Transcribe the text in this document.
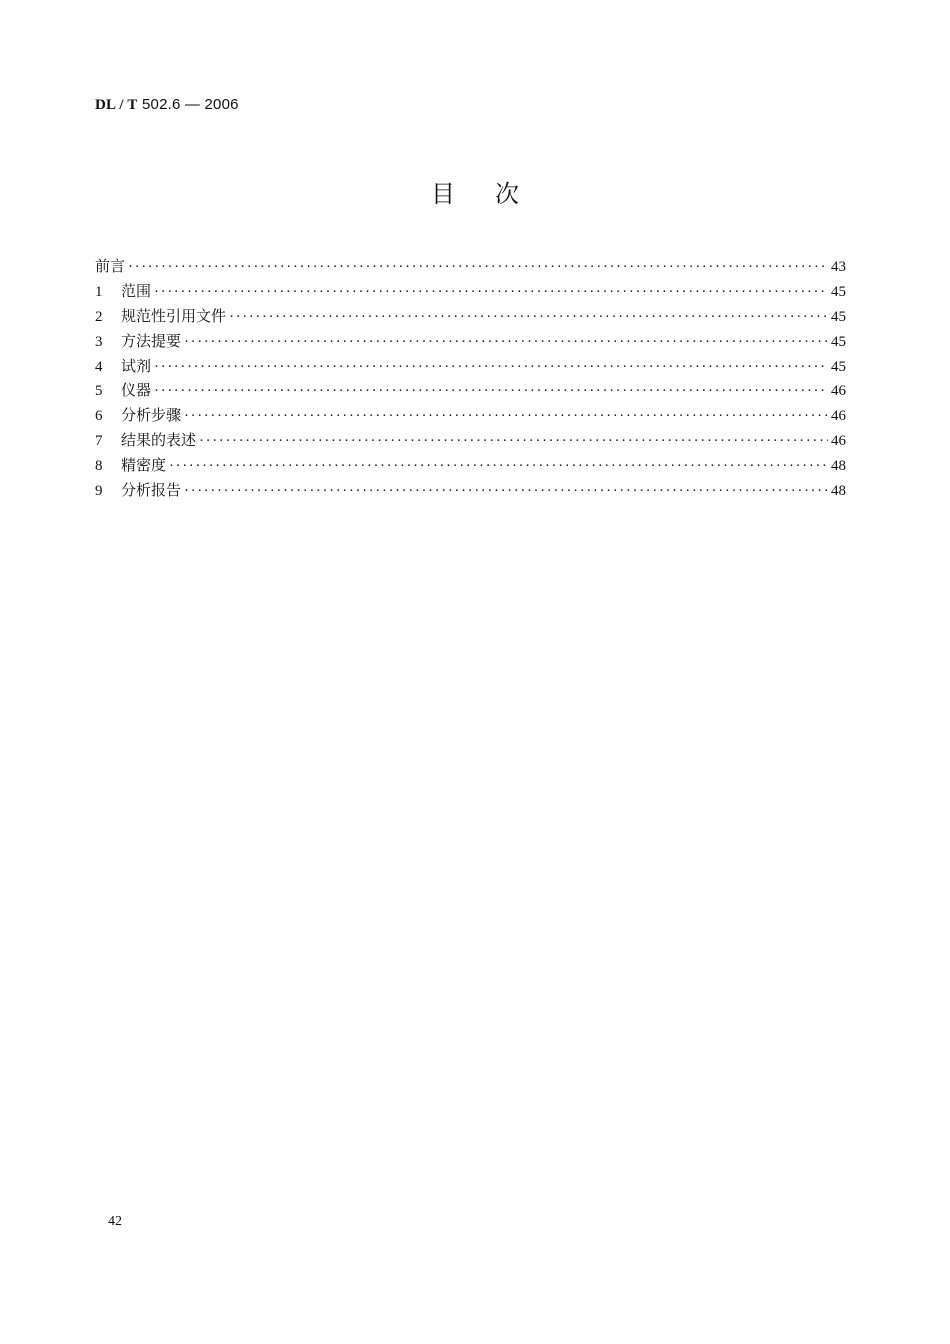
DL / T 502.6 — 2006
目 次
前言 ·····	43
1	范围 ·····	45
2	规范性引用文件 ·····	45
3	方法提要 ·····	45
4	试剂 ·····	45
5	仪器 ·····	46
6	分析步骤 ·····	46
7	结果的表述 ·····	46
8	精密度 ·····	48
9	分析报告 ·····	48
42
